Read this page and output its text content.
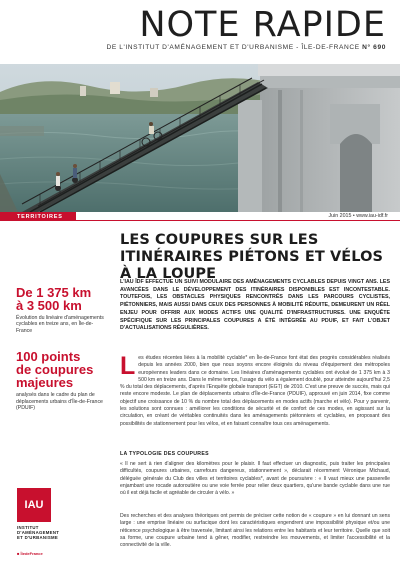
NOTE RAPIDE
DE L'INSTITUT D'AMÉNAGEMENT ET D'URBANISME - ÎLE-DE-FRANCE N° 690
TERRITOIRES	Juin 2015 • www.iau-idf.fr
LES COUPURES SUR LES ITINÉRAIRES PIÉTONS ET VÉLOS À LA LOUPE
De 1 375 km
à 3 500 km
Évolution du linéaire d'aménagements cyclables en treize ans, en Île-de-France
100 points
de coupures majeures
analysés dans le cadre du plan de déplacements urbains d'Île-de-France (PDUIF)
L'IAU ÎDF EFFECTUE UN SUIVI MODULAIRE DES AMÉNAGEMENTS CYCLABLES DEPUIS VINGT ANS. LES AVANCÉES DANS LE DÉVELOPPEMENT DES ITINÉRAIRES DISPONIBLES EST INCONTESTABLE. TOUTEFOIS, LES OBSTACLES PHYSIQUES RENCONTRÉS DANS LES PARCOURS CYCLISTES, PIÉTONNIERS, MAIS AUSSI DANS CEUX DES PERSONNES À MOBILITÉ RÉDUITE, DEMEURENT UN RÉEL ENJEU POUR OFFRIR AUX MODES ACTIFS UNE QUALITÉ D'INFRASTRUCTURES. UNE ENQUÊTE SPÉCIFIQUE SUR LES PRINCIPALES COUPURES A ÉTÉ INTÉGRÉE AU PDUIF, ET FAIT L'OBJET D'ACTUALISATIONS RÉGULIÈRES.
Les études récentes liées à la mobilité cyclable* en Île-de-France font état des progrès considérables réalisés depuis les années 2000, bien que nous soyons encore éloignés du niveau d'équipement des métropoles européennes leaders dans ce domaine. Les linéaires d'aménagements cyclables ont évolué de 1 375 km à 3 500 km en treize ans. Dans le même temps, l'usage du vélo a également doublé, pour atteindre aujourd'hui 2,5 % du total des déplacements, d'après l'Enquête globale transport (EGT) de 2010. C'est une preuve de succès, mais qui reste encore modeste. Le plan de déplacements urbains d'Île-de-France (PDUIF), approuvé en juin 2014, fixe comme objectif une croissance de 10 % du nombre total des déplacements en modes actifs (marche et vélo). Pour y parvenir, les solutions sont connues : améliorer les conditions de sécurité et de confort de ces modes, en agissant sur la circulation, en créant de véritables continuités dans les aménagements piétonniers et cyclables, en proposant des possibilités de stationnement pour les vélos, et en faisant connaître tous ces aménagements.
LA TYPOLOGIE DES COUPURES
« Il ne sert à rien d'aligner des kilomètres pour le plaisir. Il faut effectuer un diagnostic, puis traiter les principales difficultés, coupures urbaines, carrefours dangereux, stationnement », déclarait récemment Véronique Michaud, déléguée générale du Club des villes et territoires cyclables*, avant de poursuivre : « Il vaut mieux une passerelle enjambant une rocade autoroutière ou une voie ferrée pour relier deux quartiers, qu'une bande cyclable dans une rue où il est déjà facile et agréable de circuler à vélo. »
Des recherches et des analyses théoriques ont permis de préciser cette notion de « coupure » en lui donnant un sens large : une emprise linéaire ou surfacique dont les caractéristiques engendrent une impossibilité physique et/ou une réticence psychologique à être traversée, limitant ainsi les relations entre les habitants et leur territoire. Quelle que soit sa forme, une coupure urbaine tend à gêner, modifier, restreindre les mouvements, et limiter l'accessibilité et la connectivité de la ville.
IAU
INSTITUT
D'AMÉNAGEMENT
ET D'URBANISME
■ ÎledeFrance
